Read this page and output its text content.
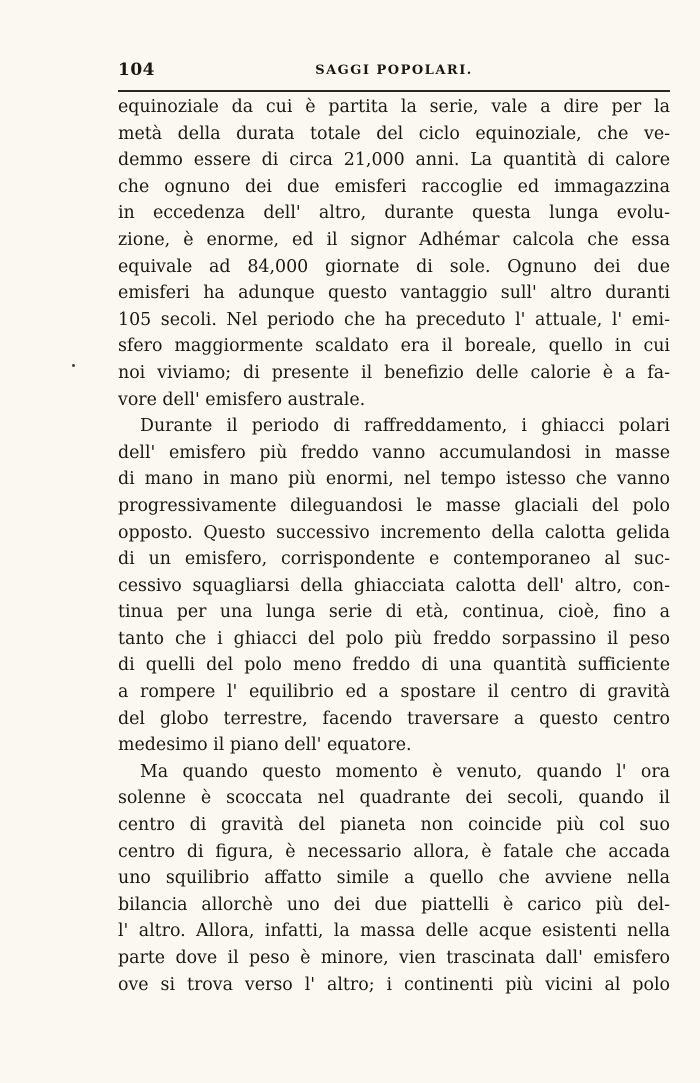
104	SAGGI POPOLARI.
equinoziale da cui è partita la serie, vale a dire per la
metà della durata totale del ciclo equinoziale, che ve-
demmo essere di circa 21,000 anni. La quantità di calore
che ognuno dei due emisferi raccoglie ed immagazzina
in eccedenza dell' altro, durante questa lunga evolu-
zione, è enorme, ed il signor Adhémar calcola che essa
equivale ad 84,000 giornate di sole. Ognuno dei due
emisferi ha adunque questo vantaggio sull' altro duranti
105 secoli. Nel periodo che ha preceduto l' attuale, l' emi-
sfero maggiormente scaldato era il boreale, quello in cui
noi viviamo; di presente il benefizio delle calorie è a fa-
vore dell' emisfero australe.
Durante il periodo di raffreddamento, i ghiacci polari
dell' emisfero più freddo vanno accumulandosi in masse
di mano in mano più enormi, nel tempo istesso che vanno
progressivamente dileguandosi le masse glaciali del polo
opposto. Questo successivo incremento della calotta gelida
di un emisfero, corrispondente e contemporaneo al suc-
cessivo squagliarsi della ghiacciata calotta dell' altro, con-
tinua per una lunga serie di età, continua, cioè, fino a
tanto che i ghiacci del polo più freddo sorpassino il peso
di quelli del polo meno freddo di una quantità sufficiente
a rompere l' equilibrio ed a spostare il centro di gravità
del globo terrestre, facendo traversare a questo centro
medesimo il piano dell' equatore.
Ma quando questo momento è venuto, quando l' ora
solenne è scoccata nel quadrante dei secoli, quando il
centro di gravità del pianeta non coincide più col suo
centro di figura, è necessario allora, è fatale che accada
uno squilibrio affatto simile a quello che avviene nella
bilancia allorchè uno dei due piattelli è carico più del-
l' altro. Allora, infatti, la massa delle acque esistenti nella
parte dove il peso è minore, vien trascinata dall' emisfero
ove si trova verso l' altro; i continenti più vicini al polo
